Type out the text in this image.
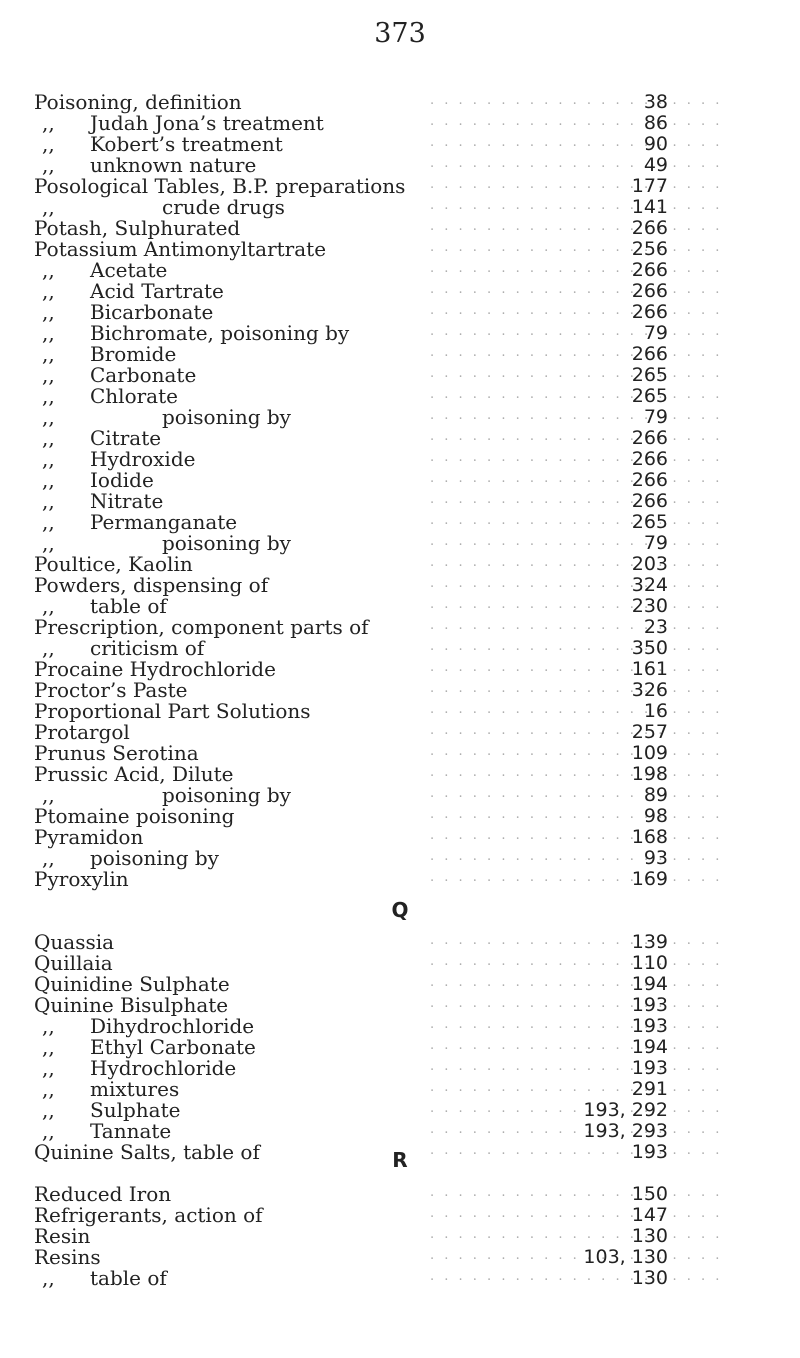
373
Poisoning, definition . .	38
,, Judah Jona’s treatment . .	86
,, Kobert’s treatment . .	90
,, unknown nature . .	49
Posological Tables, B.P. preparations . .	177
,,	crude drugs . .	141
Potash, Sulphurated . .	266
Potassium Antimonyltartrate . .	256
,, Acetate . .	266
,, Acid Tartrate . .	266
,, Bicarbonate . .	266
,, Bichromate, poisoning by . .	79
,, Bromide . .	266
,, Carbonate . .	265
,, Chlorate . .	265
,,	poisoning by . .	79
,, Citrate . .	266
,, Hydroxide . .	266
,, Iodide . .	266
,, Nitrate . .	266
,, Permanganate . .	265
,,	poisoning by . .	79
Poultice, Kaolin . .	203
Powders, dispensing of . .	324
,, table of . .	230
Prescription, component parts of . .	23
,, criticism of . .	350
Procaine Hydrochloride . .	161
Proctor’s Paste . .	326
Proportional Part Solutions . .	16
Protargol . .	257
Prunus Serotina . .	109
Prussic Acid, Dilute . .	198
,,	poisoning by . .	89
Ptomaine poisoning . .	98
Pyramidon . .	168
,, poisoning by . .	93
Pyroxylin . .	169
Q
Quassia . .	139
Quillaia . .	110
Quinidine Sulphate . .	194
Quinine Bisulphate . .	193
,, Dihydrochloride . .	193
,, Ethyl Carbonate . .	194
,, Hydrochloride . .	193
,, mixtures . .	291
,, Sulphate . .	193, 292
,, Tannate . .	193, 293
Quinine Salts, table of . .	193
R
Reduced Iron . .	150
Refrigerants, action of . .	147
Resin . .	130
Resins . .	103, 130
,, table of . .	130
